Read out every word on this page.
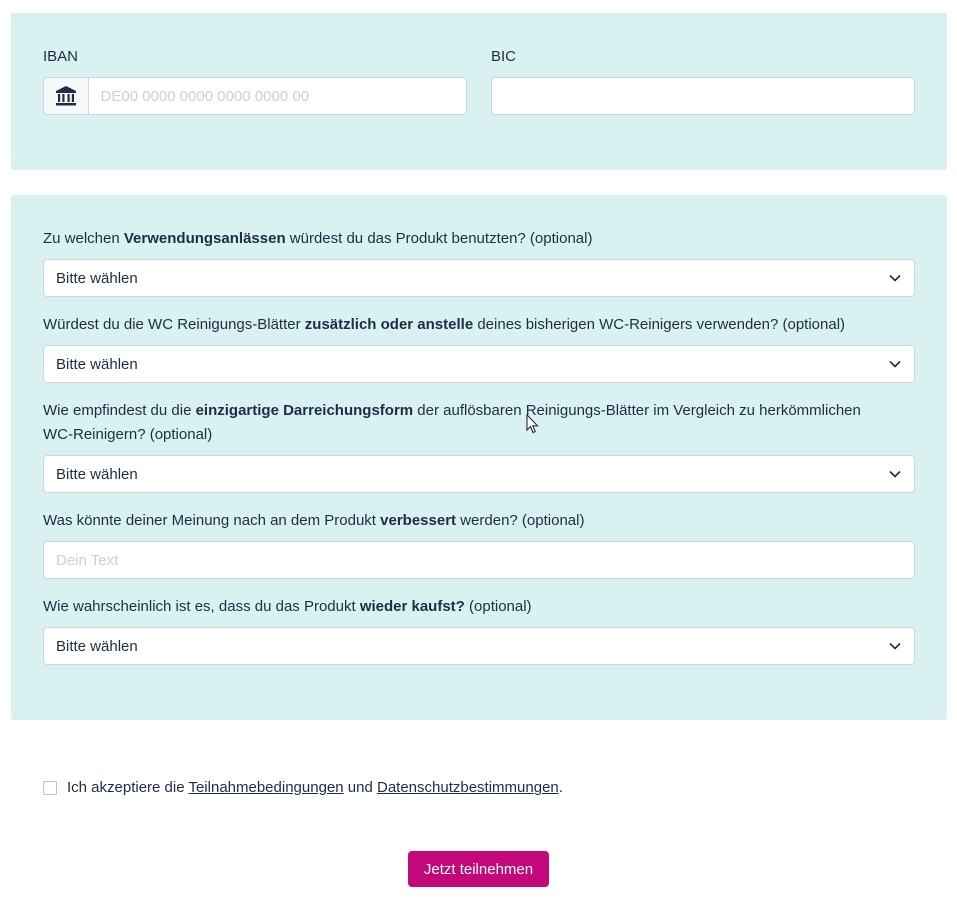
IBAN
DE00 0000 0000 0000 0000 00	BIC
Zu welchen Verwendungsanlässen würdest du das Produkt benutzten? (optional)
Bitte wählen
Würdest du die WC Reinigungs-Blätter zusätzlich oder anstelle deines bisherigen WC-Reinigers verwenden? (optional)
Bitte wählen
Wie empfindest du die einzigartige Darreichungsform der auflösbaren Reinigungs-Blätter im Vergleich zu herkömmlichen
WC-Reinigern? (optional)
Bitte wählen
Was könnte deiner Meinung nach an dem Produkt verbessert werden? (optional)
Dein Text
Wie wahrscheinlich ist es, dass du das Produkt wieder kaufst? (optional)
Bitte wählen
Ich akzeptiere die Teilnahmebedingungen und Datenschutzbestimmungen.
Jetzt teilnehmen
